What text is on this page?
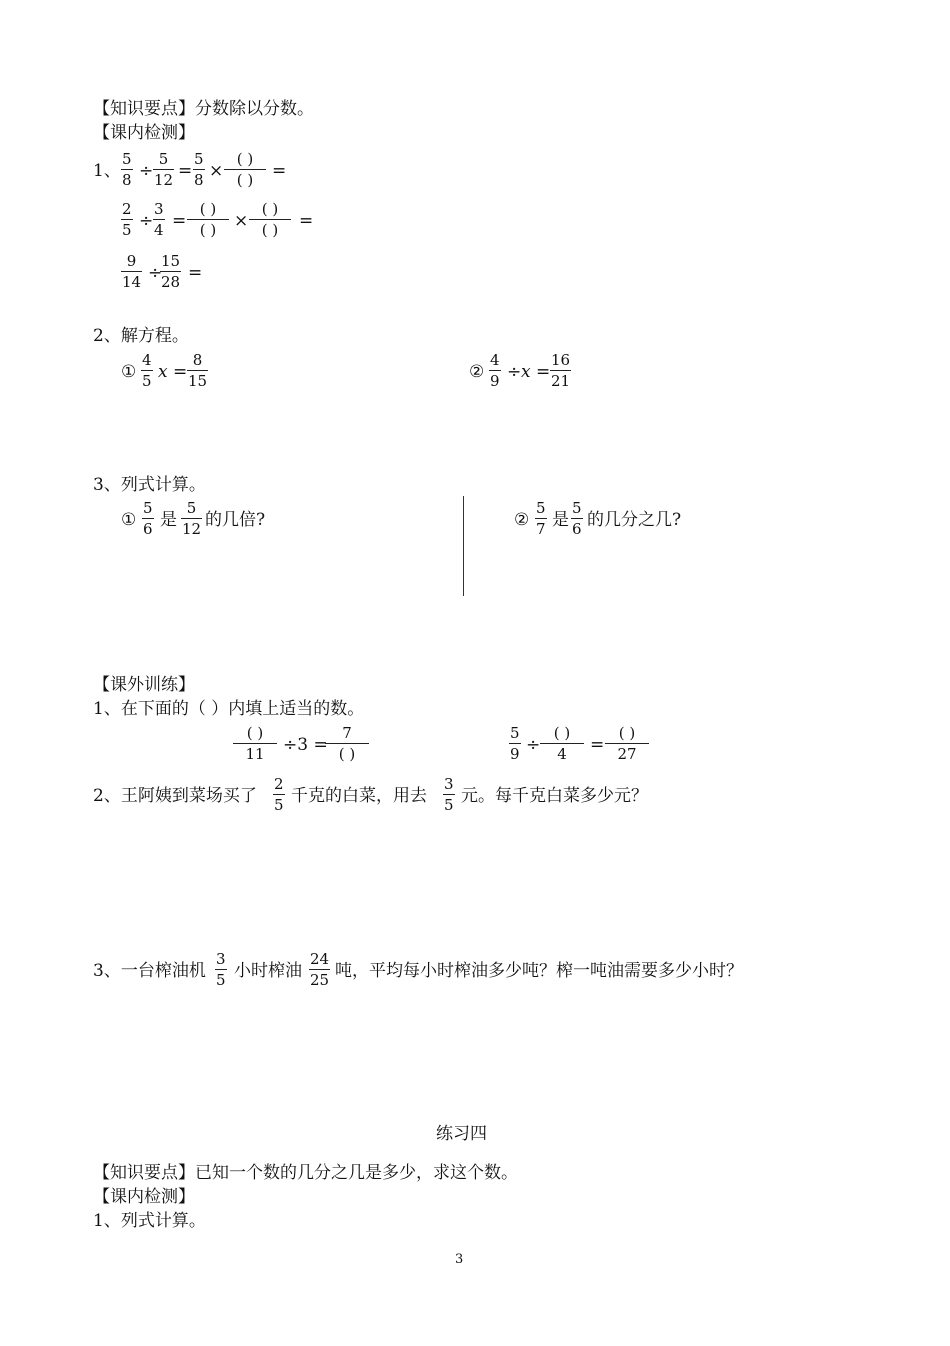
【知识要点】分数除以分数。
【课内检测】
1、 $\frac{5}{8} \div \frac{5}{12} = \frac{5}{8}$ ×
( )
( )	=
$\frac{2}{5} \div \frac{3}{4}$ =
( )
( )	×
( )
( )	=
$\frac{9}{14}$ ÷
$\frac{15}{28}$ =
2、解方程。
① $\frac{4}{5}$ $x = \frac{8}{15}$	② $\frac{4}{9} \div x = \frac{16}{21}$
3、列式计算。
① $\frac{5}{6}$ 是 $\frac{5}{12}$ 的几倍?	② $\frac{5}{7}$ 是 $\frac{5}{6}$ 的几分之几?
【课外训练】
1、在下面的（ ）内填上适当的数。
( )
11	÷3 =
7
( )	$\frac{5}{9}$ ÷
( )
4	=
( )
27
2、王阿姨到菜场买了 $\frac{2}{5}$ 千克的白菜，用去 $\frac{3}{5}$ 元。每千克白菜多少元？
3、一台榨油机 $\frac{3}{5}$ 小时榨油 $\frac{24}{25}$ 吨，平均每小时榨油多少吨？榨一吨油需要多少小时？
练习四
【知识要点】已知一个数的几分之几是多少，求这个数。
【课内检测】
1、列式计算。
3
